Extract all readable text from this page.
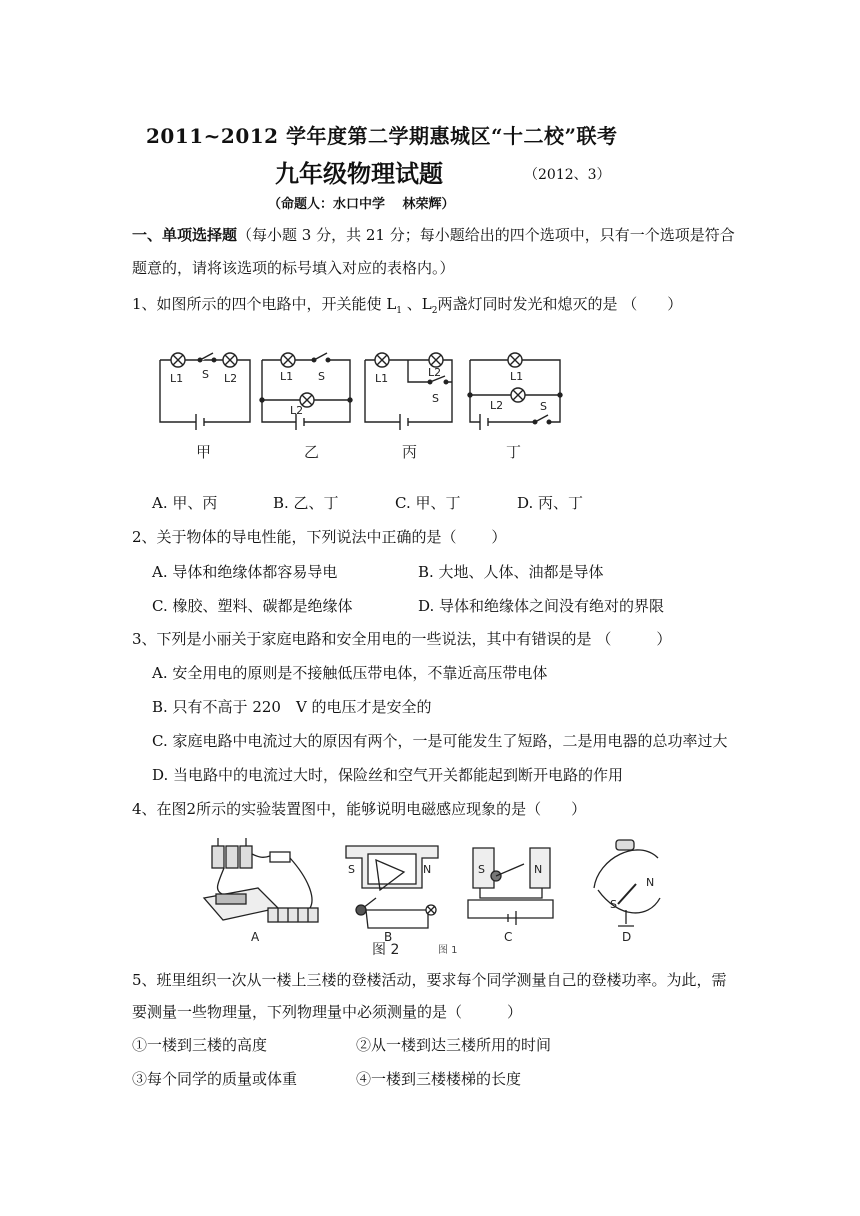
2011~2012 学年度第二学期惠城区“十二校”联考
九年级物理试题	（2012、3）
（命题人：水口中学　 林荣辉）
一、单项选择题（每小题 3 分，共 21 分；每小题给出的四个选项中，只有一个选项是符合
题意的，请将该选项的标号填入对应的表格内。）
1、如图所示的四个电路中，开关能使 $L_1$ 、$L_2$两盏灯同时发光和熄灭的是 （　　）
L1 S L2	L1 S
L2
L1	L2
S
L1
L2	S
甲	乙	丙	丁
A. 甲、丙	B. 乙、丁	C. 甲、丁	D. 丙、丁
2、关于物体的导电性能，下列说法中正确的是（　　 ）
A. 导体和绝缘体都容易导电	B. 大地、人体、油都是导体
C. 橡胶、塑料、碳都是绝缘体	D. 导体和绝缘体之间没有绝对的界限
3、下列是小丽关于家庭电路和安全用电的一些说法，其中有错误的是 （　　　）
A. 安全用电的原则是不接触低压带电体，不靠近高压带电体
B. 只有不高于 220　V 的电压才是安全的
C. 家庭电路中电流过大的原因有两个，一是可能发生了短路，二是用电器的总功率过大
D. 当电路中的电流过大时，保险丝和空气开关都能起到断开电路的作用
4、在图2所示的实验装置图中，能够说明电磁感应现象的是（　　）
S	N	S	N
N
S
A	B	C	D
图 2	图 1
5、班里组织一次从一楼上三楼的登楼活动，要求每个同学测量自己的登楼功率。为此，需
要测量一些物理量，下列物理量中必须测量的是（　　　）
①一楼到三楼的高度	②从一楼到达三楼所用的时间
③每个同学的质量或体重	④一楼到三楼楼梯的长度
